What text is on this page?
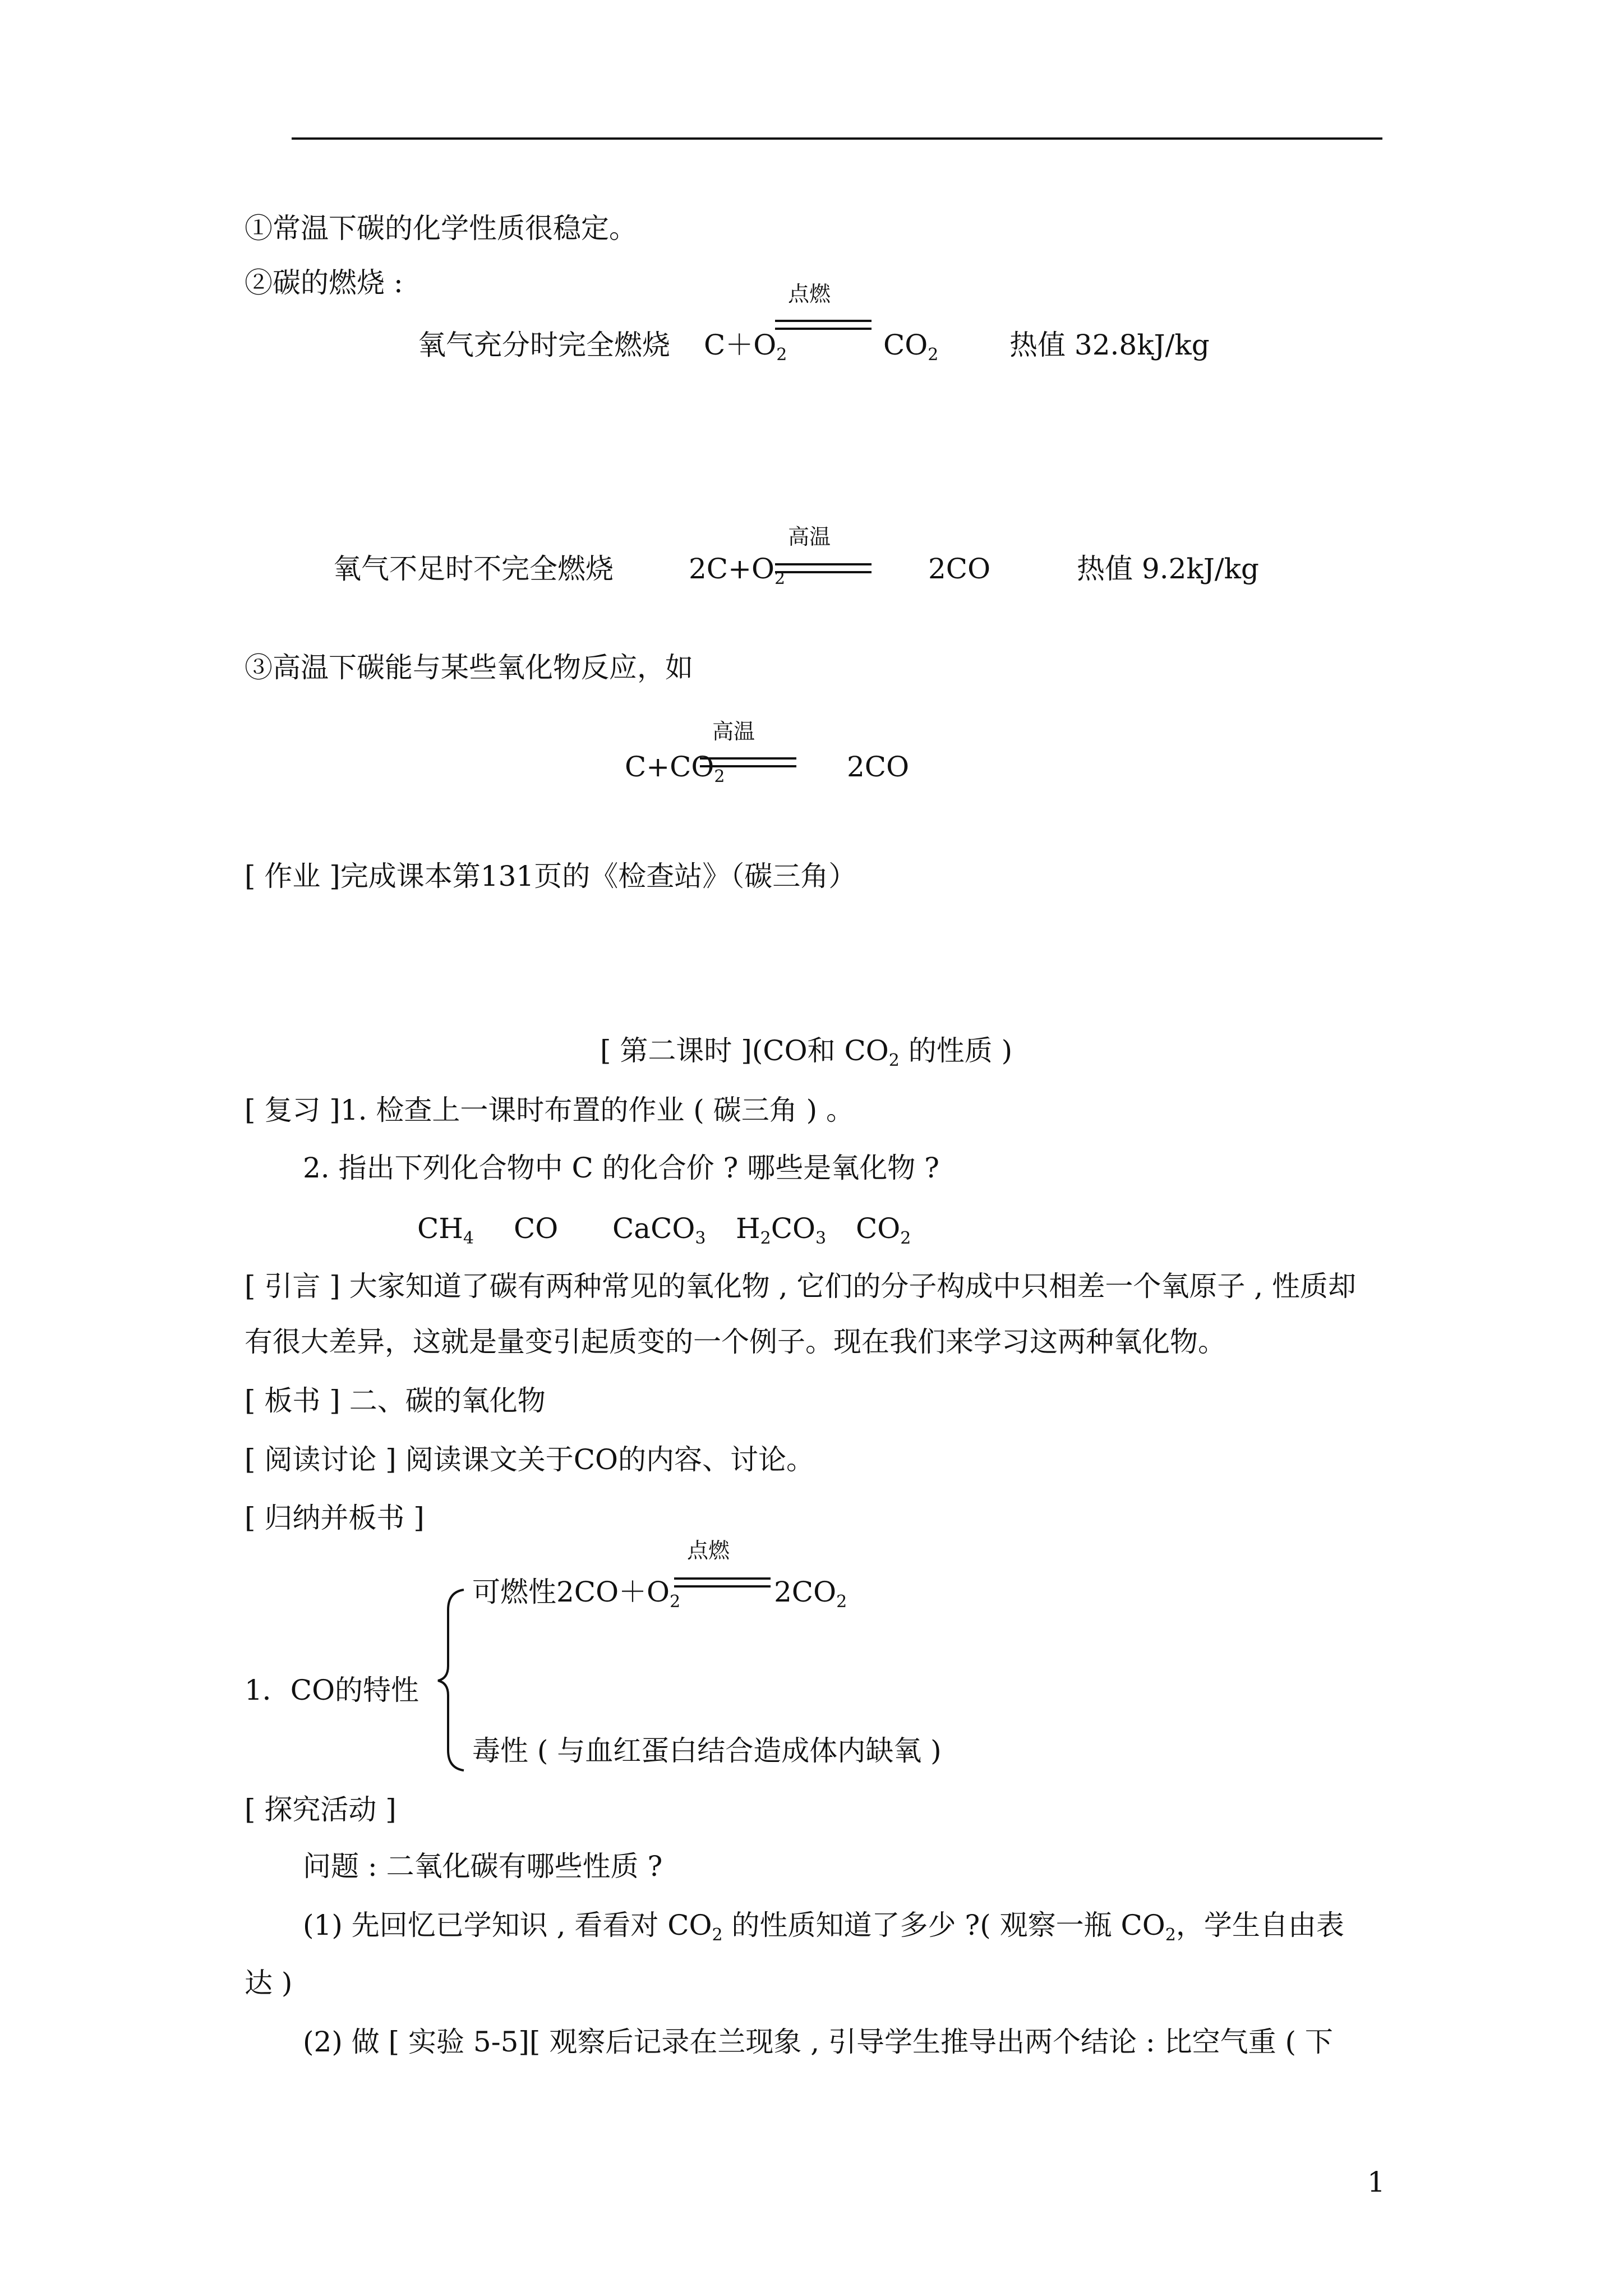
①常温下碳的化学性质很稳定。
②碳的燃烧 :	点燃
氧气充分时完全燃烧 $C+O_2$	$CO_2$	热值 32.8kJ/kg
高温
氧气不足时不完全燃烧	$2C+O_2$	2CO	热值 9.2kJ/kg
③高温下碳能与某些氧化物反应，如
高温
$C+CO_2$	2CO
[ 作业 ]完成课本第131页的《检查站》（碳三角）
[ 第二课时 ](CO和 $CO_2$ 的性质 )
[ 复习 ]1. 检查上一课时布置的作业 ( 碳三角 ) 。
2. 指出下列化合物中 C 的化合价 ? 哪些是氧化物 ?
$CH_4$ CO CaCO$_3$ $H_2CO_3$ $CO_2$
[ 引言 ] 大家知道了碳有两种常见的氧化物 , 它们的分子构成中只相差一个氧原子 , 性质却
有很大差异，这就是量变引起质变的一个例子。现在我们来学习这两种氧化物。
[ 板书 ] 二、碳的氧化物
[ 阅读讨论 ] 阅读课文关于CO的内容、讨论。
[ 归纳并板书 ]
点燃
可燃性$2CO+O_2$	$2CO_2$
1．CO的特性
毒性 ( 与血红蛋白结合造成体内缺氧 )
[ 探究活动 ]
问题 : 二氧化碳有哪些性质 ?
(1) 先回忆已学知识 , 看看对 $CO_2$ 的性质知道了多少 ?( 观察一瓶 $CO_2$，学生自由表
达 )
(2) 做 [ 实验 5-5][ 观察后记录在兰现象 , 引导学生推导出两个结论 : 比空气重 ( 下
1
